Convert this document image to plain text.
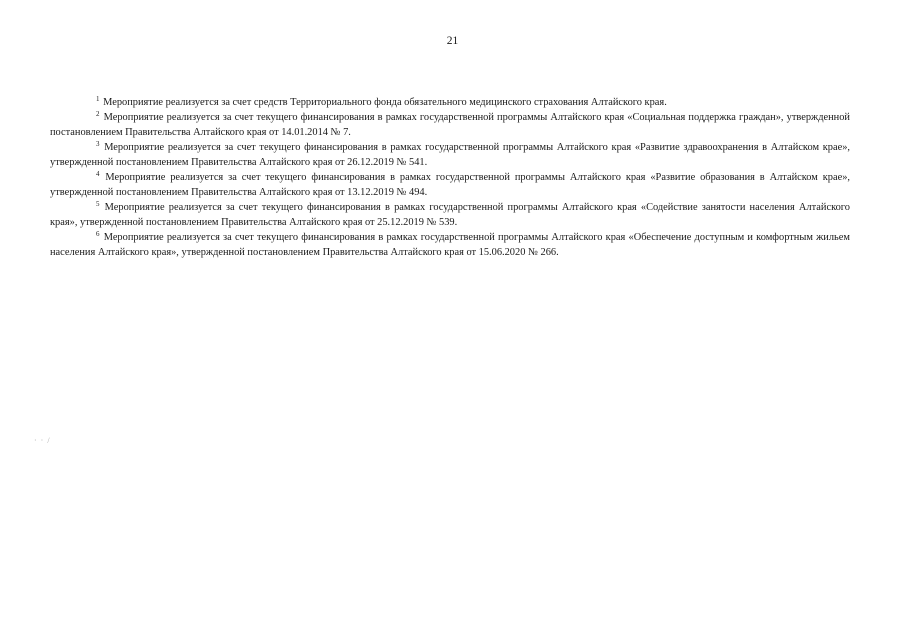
21

$^1$ Мероприятие реализуется за счет средств Территориального фонда обязательного медицинского страхования Алтайского края.

$^2$ Мероприятие реализуется за счет текущего финансирования в рамках государственной программы Алтайского края «Социальная поддержка граждан», утвержденной постановлением Правительства Алтайского края от 14.01.2014 № 7.

$^3$ Мероприятие реализуется за счет текущего финансирования в рамках государственной программы Алтайского края «Развитие здравоохранения в Алтайском крае», утвержденной постановлением Правительства Алтайского края от 26.12.2019 № 541.

$^4$ Мероприятие реализуется за счет текущего финансирования в рамках государственной программы Алтайского края «Развитие образования в Алтайском крае», утвержденной постановлением Правительства Алтайского края от 13.12.2019 № 494.

$^5$ Мероприятие реализуется за счет текущего финансирования в рамках государственной программы Алтайского края «Содействие занятости населения Алтайского края», утвержденной постановлением Правительства Алтайского края от 25.12.2019 № 539.

$^6$ Мероприятие реализуется за счет текущего финансирования в рамках государственной программы Алтайского края «Обеспечение доступным и комфортным жильем населения Алтайского края», утвержденной постановлением Правительства Алтайского края от 15.06.2020 № 266.

· · /
